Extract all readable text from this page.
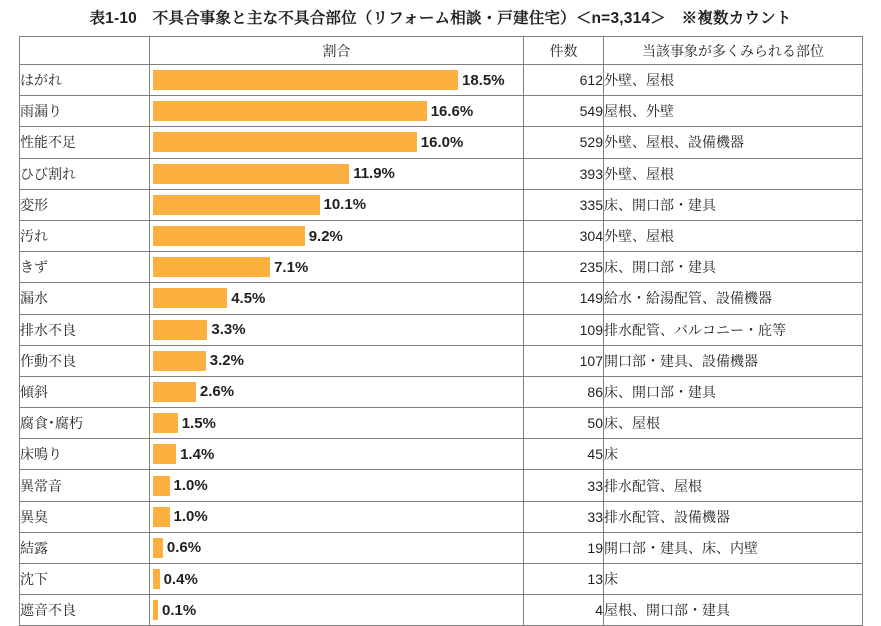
表1-10　不具合事象と主な不具合部位（リフォーム相談・戸建住宅）＜n=3,314＞　※複数カウント
	割合	件数	当該事象が多くみられる部位
はがれ	18.5%	612	外壁、屋根
雨漏り	16.6%	549	屋根、外壁
性能不足	16.0%	529	外壁、屋根、設備機器
ひび割れ	11.9%	393	外壁、屋根
変形	10.1%	335	床、開口部・建具
汚れ	9.2%	304	外壁、屋根
きず	7.1%	235	床、開口部・建具
漏水	4.5%	149	給水・給湯配管、設備機器
排水不良	3.3%	109	排水配管、バルコニー・庇等
作動不良	3.2%	107	開口部・建具、設備機器
傾斜	2.6%	86	床、開口部・建具
腐食･腐朽	1.5%	50	床、屋根
床鳴り	1.4%	45	床
異常音	1.0%	33	排水配管、屋根
異臭	1.0%	33	排水配管、設備機器
結露	0.6%	19	開口部・建具、床、内壁
沈下	0.4%	13	床
遮音不良	0.1%	4	屋根、開口部・建具
